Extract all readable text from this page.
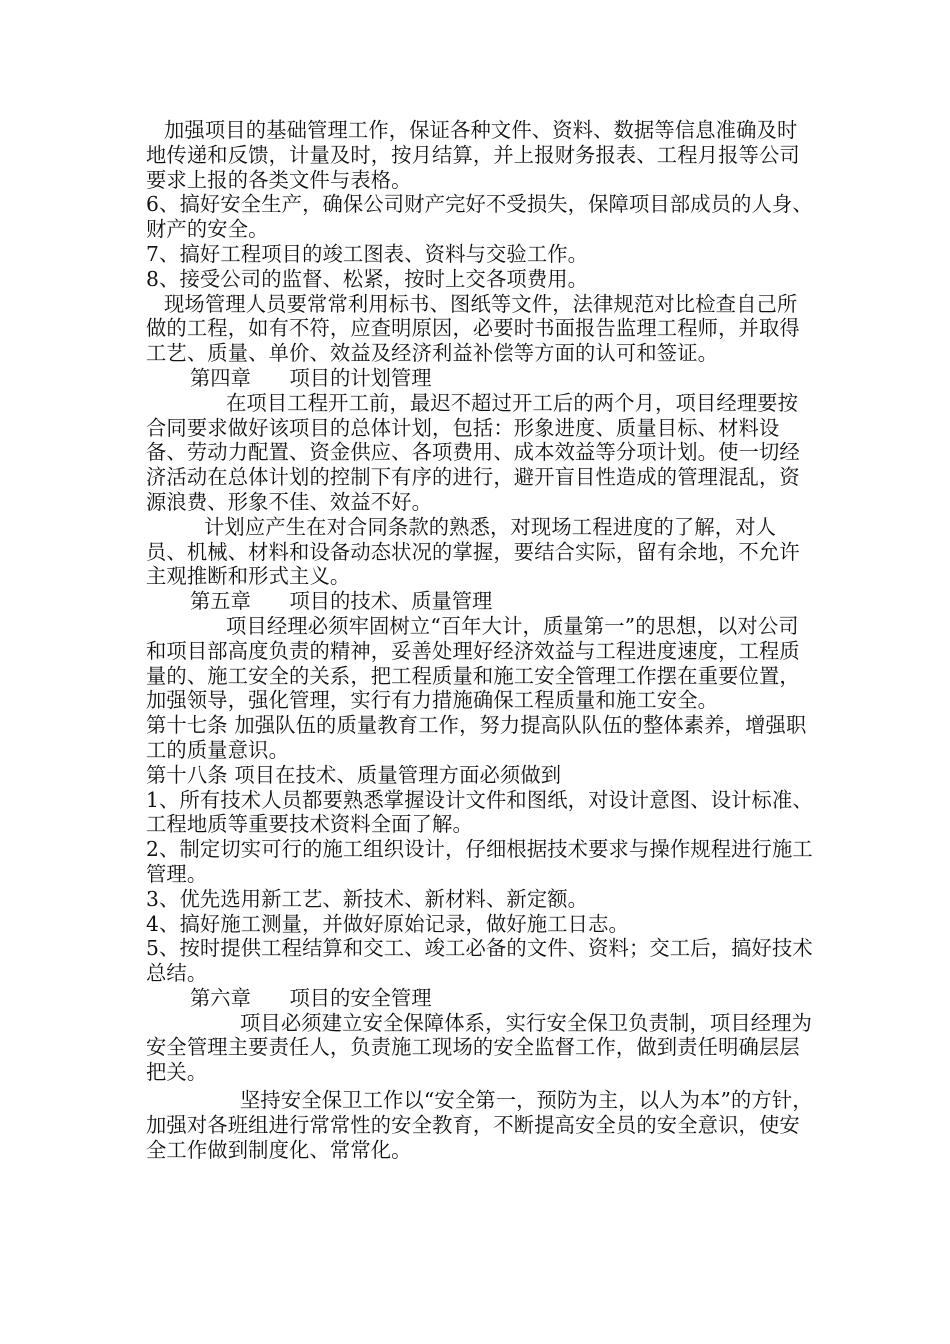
加强项目的基础管理工作，保证各种文件、资料、数据等信息准确及时地传递和反馈，计量及时，按月结算，并上报财务报表、工程月报等公司要求上报的各类文件与表格。

6、搞好安全生产，确保公司财产完好不受损失，保障项目部成员的人身、财产的安全。

7、搞好工程项目的竣工图表、资料与交验工作。

8、接受公司的监督、松紧，按时上交各项费用。

现场管理人员要常常利用标书、图纸等文件，法律规范对比检查自己所做的工程，如有不符，应查明原因，必要时书面报告监理工程师，并取得工艺、质量、单价、效益及经济利益补偿等方面的认可和签证。

第四章      项目的计划管理

在项目工程开工前，最迟不超过开工后的两个月，项目经理要按合同要求做好该项目的总体计划，包括：形象进度、质量目标、材料设备、劳动力配置、资金供应、各项费用、成本效益等分项计划。使一切经济活动在总体计划的控制下有序的进行，避开盲目性造成的管理混乱，资源浪费、形象不佳、效益不好。

计划应产生在对合同条款的熟悉，对现场工程进度的了解，对人员、机械、材料和设备动态状况的掌握，要结合实际，留有余地，不允许主观推断和形式主义。

第五章      项目的技术、质量管理

项目经理必须牢固树立“百年大计，质量第一”的思想，以对公司和项目部高度负责的精神，妥善处理好经济效益与工程进度速度，工程质量的、施工安全的关系，把工程质量和施工安全管理工作摆在重要位置，加强领导，强化管理，实行有力措施确保工程质量和施工安全。

第十七条 加强队伍的质量教育工作，努力提高队队伍的整体素养，增强职工的质量意识。

第十八条 项目在技术、质量管理方面必须做到

1、所有技术人员都要熟悉掌握设计文件和图纸，对设计意图、设计标准、工程地质等重要技术资料全面了解。

2、制定切实可行的施工组织设计，仔细根据技术要求与操作规程进行施工管理。

3、优先选用新工艺、新技术、新材料、新定额。

4、搞好施工测量，并做好原始记录，做好施工日志。

5、按时提供工程结算和交工、竣工必备的文件、资料；交工后，搞好技术总结。

第六章      项目的安全管理

项目必须建立安全保障体系，实行安全保卫负责制，项目经理为安全管理主要责任人，负责施工现场的安全监督工作，做到责任明确层层把关。

坚持安全保卫工作以“安全第一，预防为主，以人为本”的方针，加强对各班组进行常常性的安全教育，不断提高安全员的安全意识，使安全工作做到制度化、常常化。
